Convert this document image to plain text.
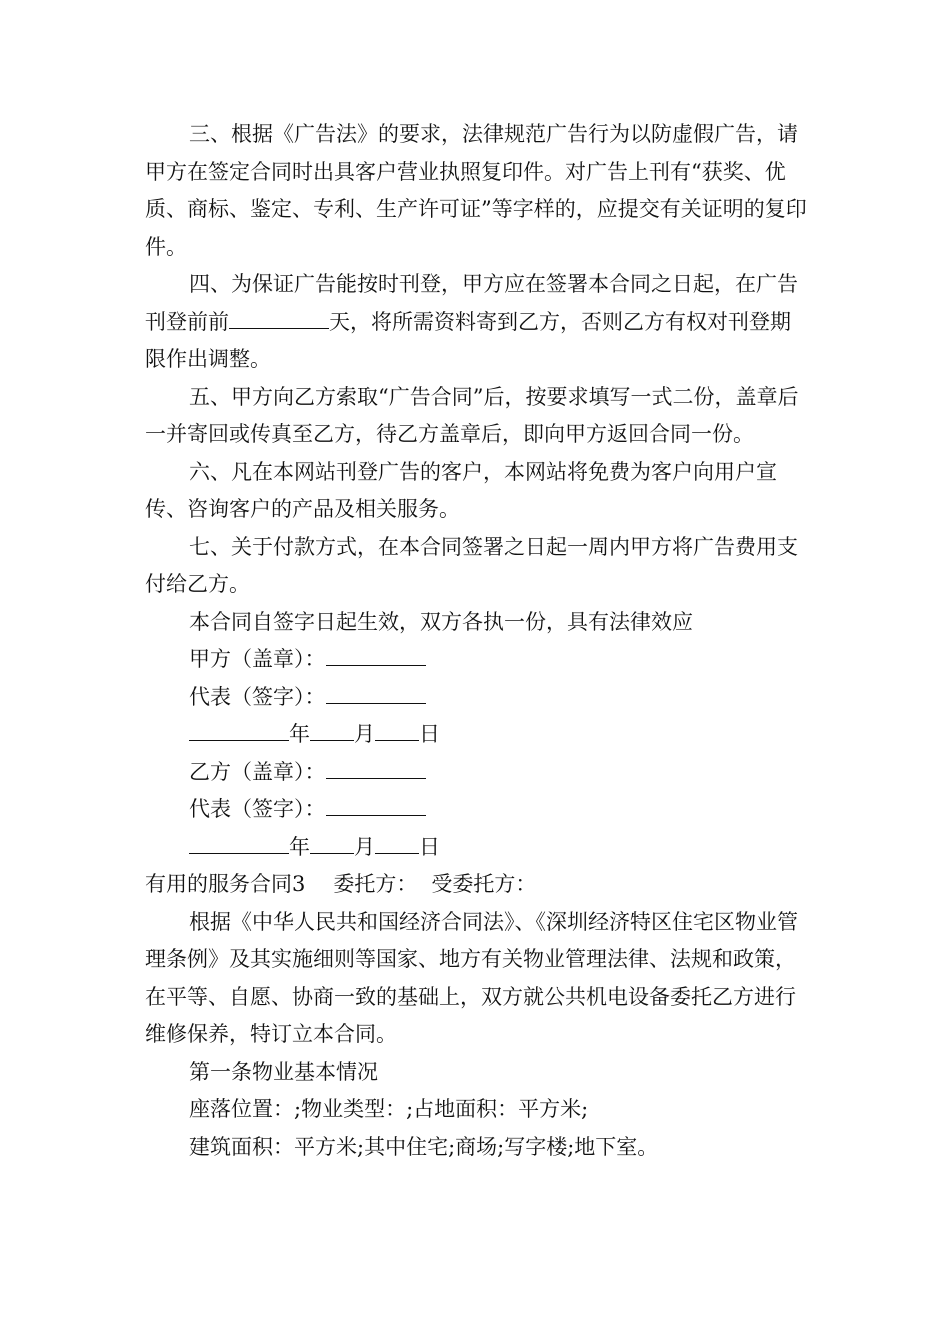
三、根据《广告法》的要求，法律规范广告行为以防虚假广告，请甲方在签定合同时出具客户营业执照复印件。对广告上刊有“获奖、优质、商标、鉴定、专利、生产许可证”等字样的，应提交有关证明的复印件。

四、为保证广告能按时刊登，甲方应在签署本合同之日起，在广告刊登前前	天，将所需资料寄到乙方，否则乙方有权对刊登期限作出调整。

五、甲方向乙方索取“广告合同”后，按要求填写一式二份，盖章后一并寄回或传真至乙方，待乙方盖章后，即向甲方返回合同一份。

六、凡在本网站刊登广告的客户，本网站将免费为客户向用户宣传、咨询客户的产品及相关服务。

七、关于付款方式，在本合同签署之日起一周内甲方将广告费用支付给乙方。

本合同自签字日起生效，双方各执一份，具有法律效应

甲方（盖章）：

代表（签字）：

年 月 日

乙方（盖章）：

代表（签字）：

年 月 日

有用的服务合同3 委托方： 受委托方：

根据《中华人民共和国经济合同法》、《深圳经济特区住宅区物业管理条例》及其实施细则等国家、地方有关物业管理法律、法规和政策，在平等、自愿、协商一致的基础上，双方就公共机电设备委托乙方进行维修保养，特订立本合同。

第一条物业基本情况

座落位置：;物业类型：;占地面积：平方米;

建筑面积：平方米;其中住宅;商场;写字楼;地下室。
